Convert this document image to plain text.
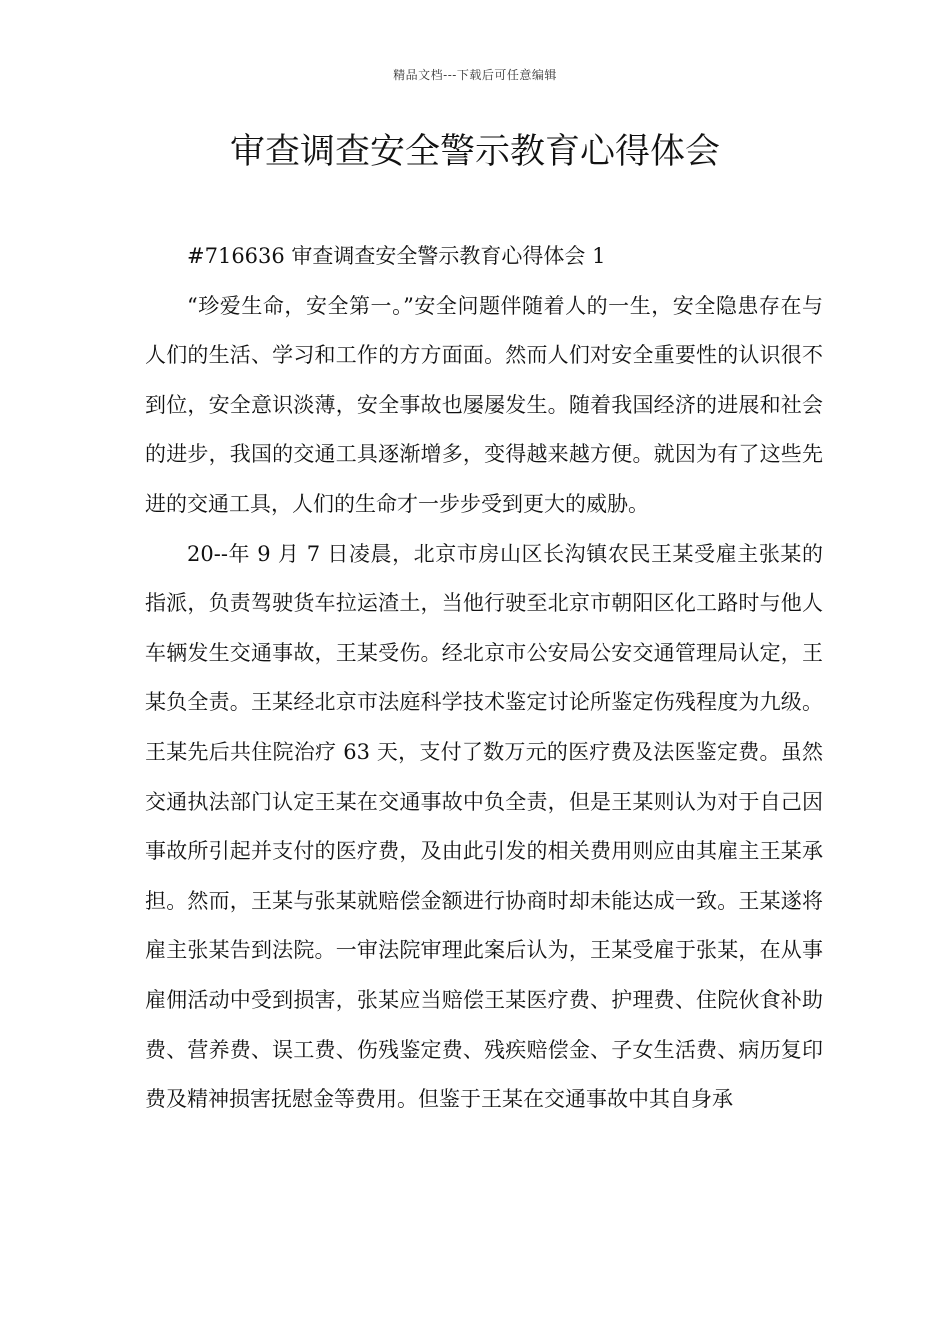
精品文档---下载后可任意编辑
审查调查安全警示教育心得体会

#716636 审查调查安全警示教育心得体会 1

“珍爱生命，安全第一。”安全问题伴随着人的一生，安全隐患存在与人们的生活、学习和工作的方方面面。然而人们对安全重要性的认识很不到位，安全意识淡薄，安全事故也屡屡发生。随着我国经济的进展和社会的进步，我国的交通工具逐渐增多，变得越来越方便。就因为有了这些先进的交通工具，人们的生命才一步步受到更大的威胁。

20--年 9 月 7 日凌晨，北京市房山区长沟镇农民王某受雇主张某的指派，负责驾驶货车拉运渣土，当他行驶至北京市朝阳区化工路时与他人车辆发生交通事故，王某受伤。经北京市公安局公安交通管理局认定，王某负全责。王某经北京市法庭科学技术鉴定讨论所鉴定伤残程度为九级。王某先后共住院治疗 63 天，支付了数万元的医疗费及法医鉴定费。虽然交通执法部门认定王某在交通事故中负全责，但是王某则认为对于自己因事故所引起并支付的医疗费，及由此引发的相关费用则应由其雇主王某承担。然而，王某与张某就赔偿金额进行协商时却未能达成一致。王某遂将雇主张某告到法院。一审法院审理此案后认为，王某受雇于张某，在从事雇佣活动中受到损害，张某应当赔偿王某医疗费、护理费、住院伙食补助费、营养费、误工费、伤残鉴定费、残疾赔偿金、子女生活费、病历复印费及精神损害抚慰金等费用。但鉴于王某在交通事故中其自身承
